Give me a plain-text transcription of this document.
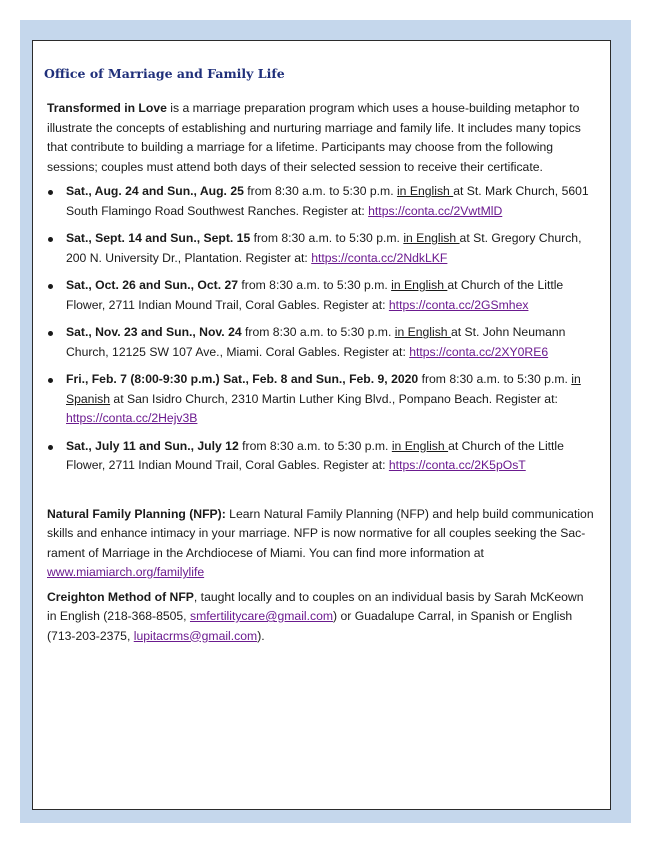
Office of Marriage and Family Life

Transformed in Love is a marriage preparation program which uses a house-building metaphor to illustrate the concepts of establishing and nurturing marriage and family life. It includes many topics that contribute to building a marriage for a lifetime. Participants may choose from the following sessions; couples must attend both days of their selected session to receive their certificate.

Sat., Aug. 24 and Sun., Aug. 25 from 8:30 a.m. to 5:30 p.m. in English at St. Mark Church, 5601 South Flamingo Road Southwest Ranches. Register at: https://conta.cc/2VwtMlD
Sat., Sept. 14 and Sun., Sept. 15 from 8:30 a.m. to 5:30 p.m. in English at St. Gregory Church, 200 N. University Dr., Plantation. Register at: https://conta.cc/2NdkLKF
Sat., Oct. 26 and Sun., Oct. 27 from 8:30 a.m. to 5:30 p.m. in English at Church of the Little Flower, 2711 Indian Mound Trail, Coral Gables. Register at: https://conta.cc/2GSmhex
Sat., Nov. 23 and Sun., Nov. 24 from 8:30 a.m. to 5:30 p.m. in English at St. John Neumann Church, 12125 SW 107 Ave., Miami. Coral Gables. Register at: https://conta.cc/2XY0RE6
Fri., Feb. 7 (8:00-9:30 p.m.) Sat., Feb. 8 and Sun., Feb. 9, 2020 from 8:30 a.m. to 5:30 p.m. in Spanish at San Isidro Church, 2310 Martin Luther King Blvd., Pompano Beach. Register at: https://conta.cc/2Hejv3B
Sat., July 11 and Sun., July 12 from 8:30 a.m. to 5:30 p.m. in English at Church of the Little Flower, 2711 Indian Mound Trail, Coral Gables. Register at: https://conta.cc/2K5pOsT

Natural Family Planning (NFP): Learn Natural Family Planning (NFP) and help build communication skills and enhance intimacy in your marriage. NFP is now normative for all couples seeking the Sac-rament of Marriage in the Archdiocese of Miami. You can find more information at www.miamiarch.org/familylife

Creighton Method of NFP, taught locally and to couples on an individual basis by Sarah McKeown in English (218-368-8505, smfertilitycare@gmail.com) or Guadalupe Carral, in Spanish or English (713-203-2375, lupitacrms@gmail.com).
